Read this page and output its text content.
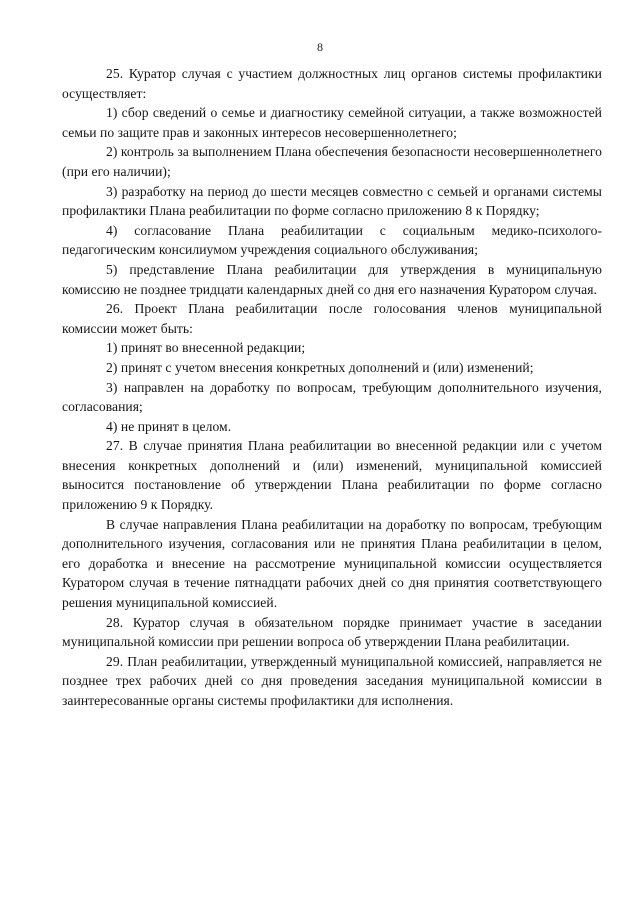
8

25. Куратор случая с участием должностных лиц органов системы профилактики осуществляет:

1) сбор сведений о семье и диагностику семейной ситуации, а также возможностей семьи по защите прав и законных интересов несовершеннолетнего;

2) контроль за выполнением Плана обеспечения безопасности несовершеннолетнего (при его наличии);

3) разработку на период до шести месяцев совместно с семьей и органами системы профилактики Плана реабилитации по форме согласно приложению 8 к Порядку;

4) согласование Плана реабилитации с социальным медико-психолого-педагогическим консилиумом учреждения социального обслуживания;

5) представление Плана реабилитации для утверждения в муниципальную комиссию не позднее тридцати календарных дней со дня его назначения Куратором случая.

26. Проект Плана реабилитации после голосования членов муниципальной комиссии может быть:

1) принят во внесенной редакции;

2) принят с учетом внесения конкретных дополнений и (или) изменений;

3) направлен на доработку по вопросам, требующим дополнительного изучения, согласования;

4) не принят в целом.

27. В случае принятия Плана реабилитации во внесенной редакции или с учетом внесения конкретных дополнений и (или) изменений, муниципальной комиссией выносится постановление об утверждении Плана реабилитации по форме согласно приложению 9 к Порядку.

В случае направления Плана реабилитации на доработку по вопросам, требующим дополнительного изучения, согласования или не принятия Плана реабилитации в целом, его доработка и внесение на рассмотрение муниципальной комиссии осуществляется Куратором случая в течение пятнадцати рабочих дней со дня принятия соответствующего решения муниципальной комиссией.

28. Куратор случая в обязательном порядке принимает участие в заседании муниципальной комиссии при решении вопроса об утверждении Плана реабилитации.

29. План реабилитации, утвержденный муниципальной комиссией, направляется не позднее трех рабочих дней со дня проведения заседания муниципальной комиссии в заинтересованные органы системы профилактики для исполнения.
